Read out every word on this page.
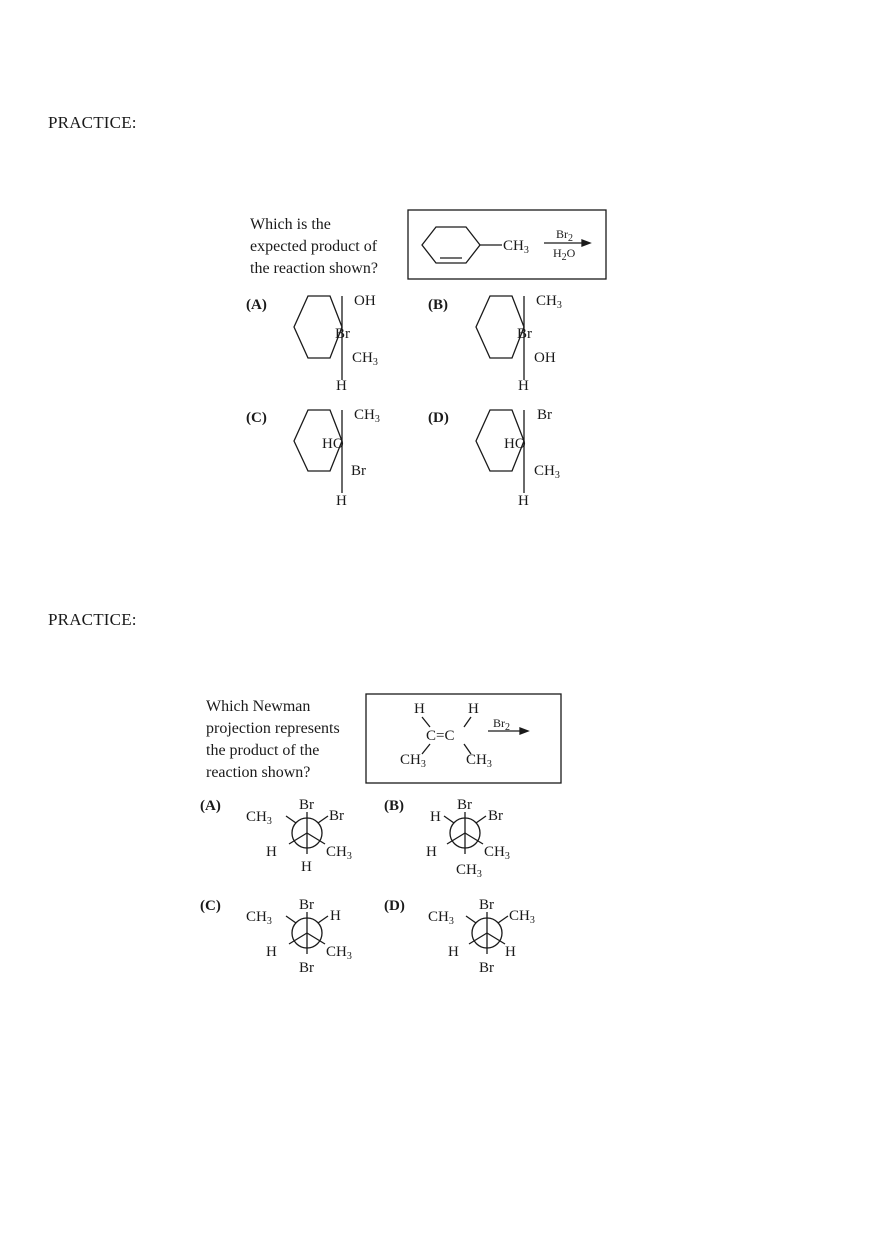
PRACTICE:
Which is the
expected product of
the reaction shown?
$CH_3$
$Br_2$
$H_2O$
(A)	OH
Br
$CH_3$
H
(B)	$CH_3$
Br
OH
H
(C)	$CH_3$
HO
Br
H
(D)	Br
HO
$CH_3$
H
PRACTICE:
Which Newman
projection represents
the product of the
reaction shown?
H	H
C=C
$CH_3$	$CH_3$
$Br_2$
(A)	Br
$CH_3$	Br
H	$CH_3$
H
(B)	Br
H	Br
H	$CH_3$
$CH_3$
(C)	Br
$CH_3$	H
H	$CH_3$
Br
(D)	Br
$CH_3$	$CH_3$
H	H
Br
